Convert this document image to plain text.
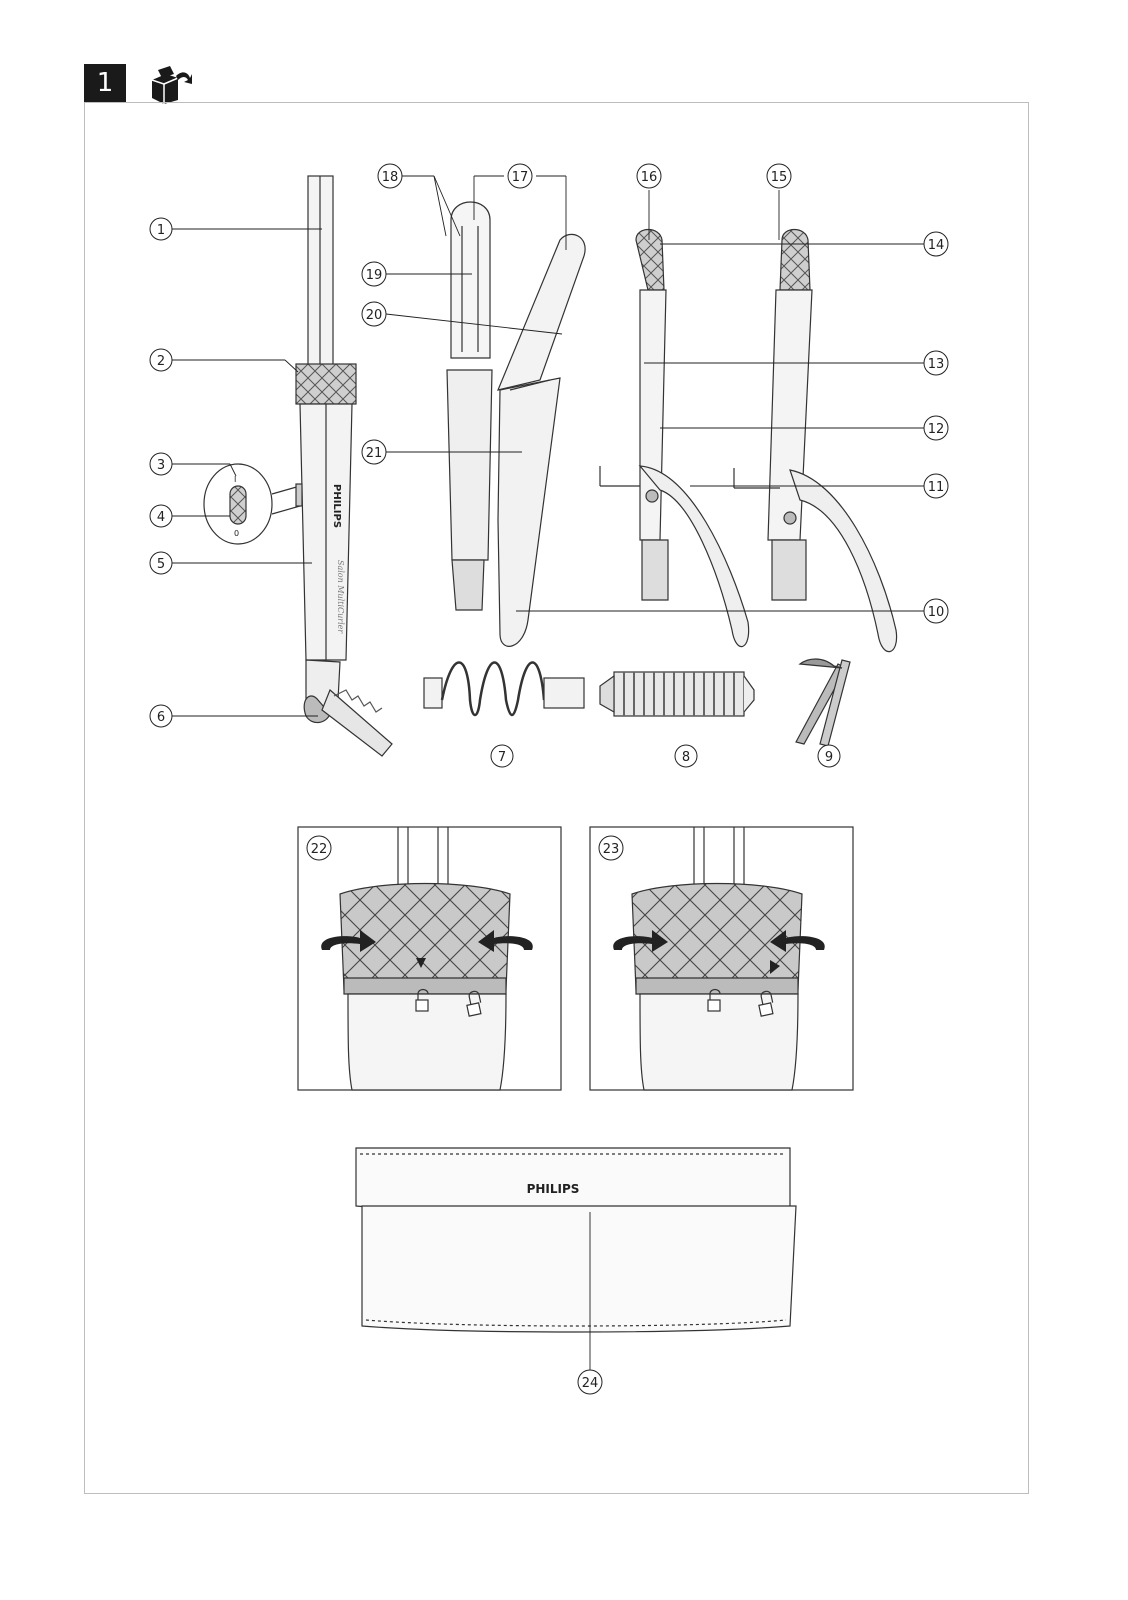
1
PHILIPS
Salon MultiCurler
I
0
PHILIPS
1
2
3
4
5
6
7	8	9
10
11
12
13
14
15
16
17
18
19
20
21
22	23
24
